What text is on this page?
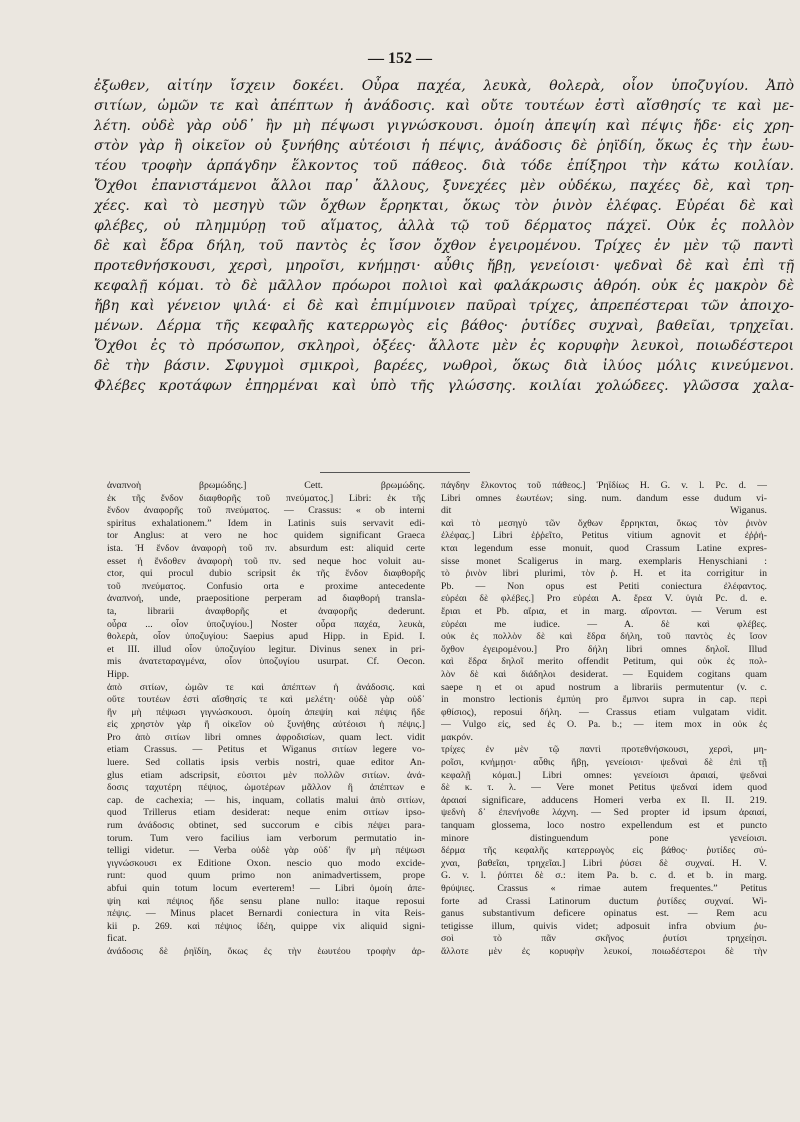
— 152 —
ἐξωθεν, αἰτίην ἴσχειν δοκέει. Οὖρα παχέα, λευκὰ, θολερὰ, οἷον ὑποζυγίου. Ἀπὸ
σιτίων, ὠμῶν τε καὶ ἀπέπτων ἡ ἀνάδοσις. καὶ οὔτε τουτέων ἐστὶ αἴσθησίς τε καὶ με-
λέτη. οὐδὲ γὰρ οὐδ᾽ ἢν μὴ πέψωσι γιγνώσκουσι. ὁμοίη ἀπεψίη καὶ πέψις ἤδε· εἰς χρη-
στὸν γὰρ ἢ οἰκεῖον οὐ ξυνήθης αὐτέοισι ἡ πέψις, ἀνάδοσις δὲ ῥηϊδίη, ὅκως ἐς τὴν ἑωυ-
τέου τροφὴν ἁρπάγδην ἕλκοντος τοῦ πάθεος. διὰ τόδε ἐπίξηροι τὴν κάτω κοιλίαν.
Ὄχθοι ἐπανιστάμενοι ἄλλοι παρ᾽ ἄλλους, ξυνεχέες μὲν οὐδέκω, παχέες δὲ, καὶ τρη-
χέες. καὶ τὸ μεσηγὺ τῶν ὄχθων ἔρρηκται, ὅκως τὸν ῥινὸν ἐλέφας. Εὐρέαι δὲ καὶ
φλέβες, οὐ πλημμύρῃ τοῦ αἵματος, ἀλλὰ τῷ τοῦ δέρματος πάχεϊ. Οὐκ ἐς πολλὸν
δὲ καὶ ἔδρα δήλη, τοῦ παντὸς ἐς ἴσον ὄχθον ἐγειρομένου. Τρίχες ἐν μὲν τῷ παντὶ
προτεθνήσκουσι, χερσὶ, μηροῖσι, κνήμῃσι· αὖθις ἤβῃ, γενείοισι· ψεδναὶ δὲ καὶ ἐπὶ τῇ
κεφαλῇ κόμαι. τὸ δὲ μᾶλλον πρόωροι πολιοὶ καὶ φαλάκρωσις ἀθρόη. οὐκ ἐς μακρὸν δὲ
ἤβη καὶ γένειον ψιλά· εἰ δὲ καὶ ἐπιμίμνοιεν παῦραὶ τρίχες, ἀπρεπέστεραι τῶν ἀποιχο-
μένων. Δέρμα τῆς κεφαλῆς κατερρωγὸς εἰς βάθος· ῥυτίδες συχναὶ, βαθεῖαι, τρηχεῖαι.
Ὄχθοι ἐς τὸ πρόσωπον, σκληροὶ, ὀξέες· ἄλλοτε μὲν ἐς κορυφὴν λευκοὶ, ποιωδέστεροι
δὲ τὴν βάσιν. Σφυγμοὶ σμικροὶ, βαρέες, νωθροὶ, ὅκως διὰ ἰλύος μόλις κινεύμενοι.
Φλέβες κροτάφων ἐπηρμέναι καὶ ὑπὸ τῆς γλώσσης. κοιλίαι χολώδεες. γλῶσσα χαλα-
ἀναπνοὴ βρωμώδης.] Cett. βρωμώδης.
ἐκ τῆς ἔνδον διαφθορῆς τοῦ πνεύματος.] Libri: ἐκ τῆς
ἔνδον ἀναφορῆς τοῦ πνεύματος. — Crassus: « ob interni
spiritus exhalationem.” Idem in Latinis suis servavit edi-
tor Anglus: at vero ne hoc quidem significant Graeca
ista. Ἡ ἔνδον ἀναφορὴ τοῦ πν. absurdum est: aliquid certe
esset ἡ ἔνδοθεν ἀναφορὴ τοῦ πν. sed neque hoc voluit au-
ctor, qui procul dubio scripsit ἐκ τῆς ἔνδον διαφθορῆς
τοῦ πνεύματος. Confusio orta e proxime antecedente
ἀναπνοή, unde, praepositione perperam ad διαφθορή transla-
ta, librarii ἀναφθορῆς et ἀναφορῆς dederunt.
οὖρα ... οἷον ὑποζυγίου.] Noster οὖρα παχέα, λευκὰ,
θολερὰ, οἷον ὑποζυγίου: Saepius apud Hipp. in Epid. I.
et III. illud οἷον ὑποζυγίου legitur. Divinus senex in pri-
mis ἀνατεταραγμένα, οἷον ὑποζυγίου usurpat. Cf. Oecon.
Hipp.
ἀπὸ σιτίων, ὠμῶν τε καὶ ἀπέπτων ἡ ἀνάδοσις. καὶ
οὔτε τουτέων ἐστὶ αἴσθησίς τε καὶ μελέτη· οὐδὲ γὰρ οὐδ᾽
ἢν μὴ πέψωσι γιγνώσκουσι. ὁμοίη ἀπεψίη καὶ πέψις ἥδε
εἰς χρηστὸν γὰρ ἢ οἰκεῖον οὐ ξυνήθης αὐτέοισι ἡ πέψις.]
Pro ἀπὸ σιτίων libri omnes ἀφροδισίων, quam lect. vidit
etiam Crassus. — Petitus et Wiganus σιτίων legere vo-
luere. Sed collatis ipsis verbis nostri, quae editor An-
glus etiam adscripsit, εὐσιτοι μὲν πολλῶν σιτίων. ἀνά-
δοσις ταχυτέρη πέψιος, ὠμοτέρων μᾶλλον ἢ ἀπέπτων e
cap. de cachexia; — his, inquam, collatis malui ἀπὸ σιτίων,
quod Trillerus etiam desiderat: neque enim σιτίων ipso-
rum ἀνάδοσις obtinet, sed succorum e cibis πέψει para-
torum. Tum vero facilius iam verborum permutatio in-
telligi videtur. — Verba οὐδὲ γὰρ οὐδ᾽ ἢν μὴ πέψωσι
γιγνώσκουσι ex Editione Oxon. nescio quo modo excide-
runt: quod quum primo non animadvertissem, prope
abfui quin totum locum everterem! — Libri ὁμοίη ἀπε-
ψίη καὶ πέψιος ἥδε sensu plane nullo: itaque reposui
πέψις. — Minus placet Bernardi coniectura in vita Reis-
kii p. 269. καὶ πέψιος ἰδέη, quippe vix aliquid signi-
ficat.
ἀνάδοσις δὲ ῥηϊδίη, ὅκως ἐς τὴν ἑωυτέου τροφὴν ἁρ-
πάγδην ἕλκοντος τοῦ πάθεος.] Ῥηϊδίως H. G. v. l. Pc. d. —
Libri omnes ἑωυτέων; sing. num. dandum esse dudum vi-
dit Wiganus.
καὶ τὸ μεσηγὺ τῶν ὄχθων ἔρρηκται, ὅκως τὸν ῥινὸν
ἐλέφας.] Libri ἐῤῥεῖτο, Petitus vitium agnovit et ἐῤῥή-
κται legendum esse monuit, quod Crassum Latine expres-
sisse monet Scaligerus in marg. exemplaris Henyschiani :
τὸ ῥινὸν libri plurimi, τὸν ῥ. H. et ita corrigitur in
Pb. — Non opus est Petiti coniectura ἐλέφαντος.
εὐρέαι δὲ φλέβες.] Pro εὐρέαι A. ἔρεα V. ὑγιὰ Pc. d. e.
ἔριαι et Pb. αἴρια, et in marg. αἴρονται. — Verum est
εὐρέαι me iudice. — A. δὲ καὶ φλέβες.
οὐκ ἐς πολλὸν δὲ καὶ ἕδρα δήλη, τοῦ παντὸς ἐς ἴσον
ὄχθον ἐγειρομένου.] Pro δήλη libri omnes δηλοῖ. Illud
καὶ ἕδρα δηλοῖ merito offendit Petitum, qui οὐκ ἐς πολ-
λὸν δὲ καὶ διάδηλοι desiderat. — Equidem cogitans quam
saepe η et οι apud nostrum a librariis permutentur (v. c.
in monstro lectionis ἐμπύη pro ἔμπνοι supra in cap. περὶ
φθίσιος), reposui δήλη. — Crassus etiam vulgatam vidit.
— Vulgo εἰς, sed ἐς O. Pa. b.; — item mox in οὐκ ἐς
μακρόν.
τρίχες ἐν μὲν τῷ παντὶ προτεθνήσκουσι, χερσὶ, μη-
ροῖσι, κνήμῃσι· αὖθις ἤβῃ, γενείοισι· ψεδναὶ δὲ ἐπὶ τῇ
κεφαλῇ κόμαι.] Libri omnes: γενείοισι ἀραιαί, ψεδναὶ
δὲ κ. τ. λ. — Vere monet Petitus ψεδναί idem quod
ἀραιαί significare, adducens Homeri verba ex Il. II. 219.
ψεδνὴ δ᾽ ἐπενήνοθε λάχνη. — Sed propter id ipsum ἀραιαί,
tanquam glossema, loco nostro expellendum est et puncto
minore distinguendum pone γενείοισι.
δέρμα τῆς κεφαλῆς κατερρωγὸς εἰς βάθος· ῥυτίδες σύ-
χναι, βαθεῖαι, τρηχεῖαι.] Libri ῥύσει δὲ συχναί. H. V.
G. v. l. ῥύπτει δὲ σ.: item Pa. b. c. d. et b. in marg.
θρύψιες. Crassus « rimae autem frequentes.” Petitus
forte ad Crassi Latinorum ductum ῥυτίδες συχναί. Wi-
ganus substantivum deficere opinatus est. — Rem acu
tetigisse illum, quivis videt; adposuit infra obvium ῥυ-
σοὶ τὸ πᾶν σκῆνος ῥυτίσι τρηχείῃσι.
ἄλλοτε μὲν ἐς κορυφὴν λευκοί, ποιωδέστεροι δὲ τὴν
